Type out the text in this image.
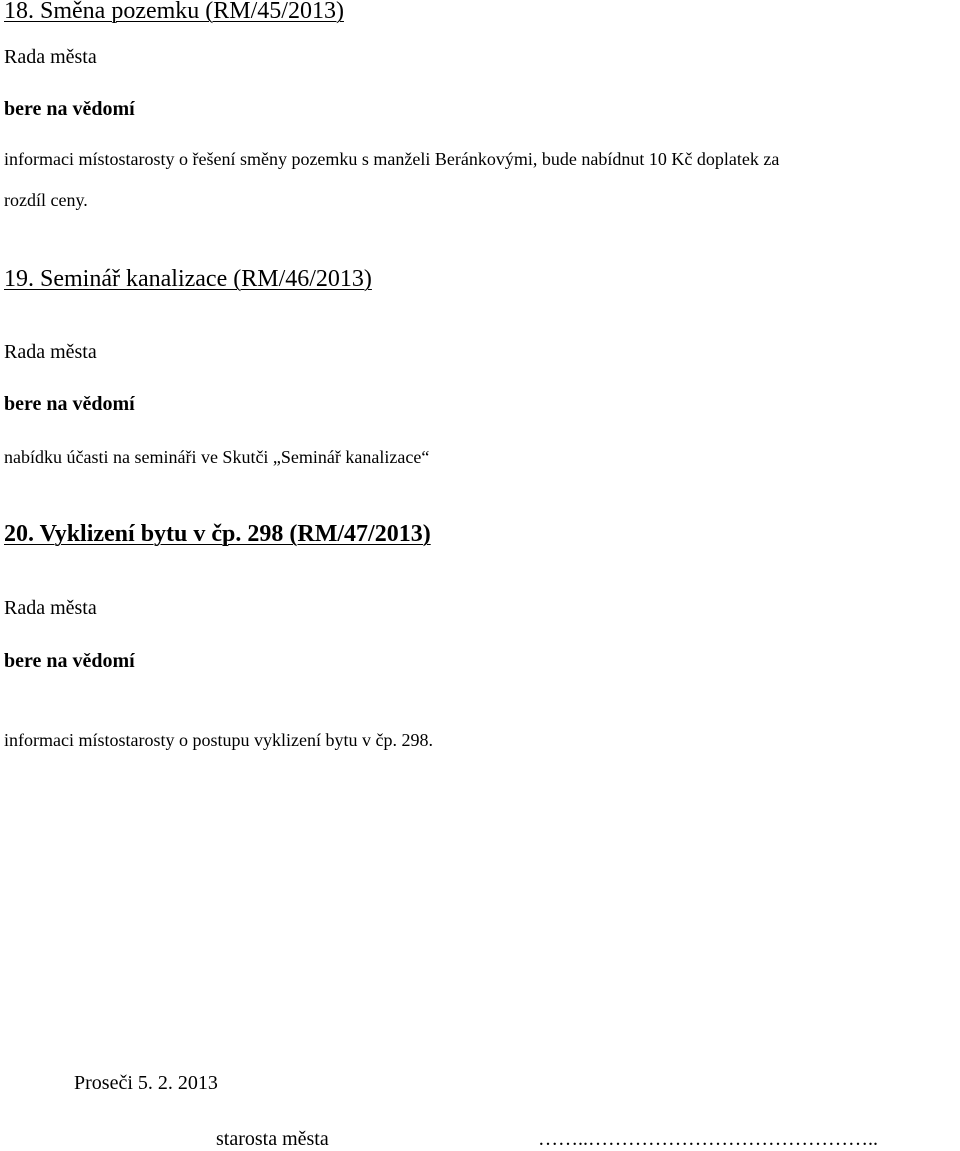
18. Směna pozemku (RM/45/2013)
Rada města
bere na vědomí
informaci místostarosty o řešení směny pozemku s manželi Beránkovými, bude nabídnut 10 Kč doplatek za
rozdíl ceny.
19. Seminář kanalizace (RM/46/2013)
Rada města
bere na vědomí
nabídku účasti na semináři ve Skutči „Seminář kanalizace“
20. Vyklizení bytu v čp. 298 (RM/47/2013)
Rada města
bere na vědomí
informaci místostarosty o postupu vyklizení bytu v čp. 298.
Proseči 5. 2. 2013
starosta města	……..……………………………………..
